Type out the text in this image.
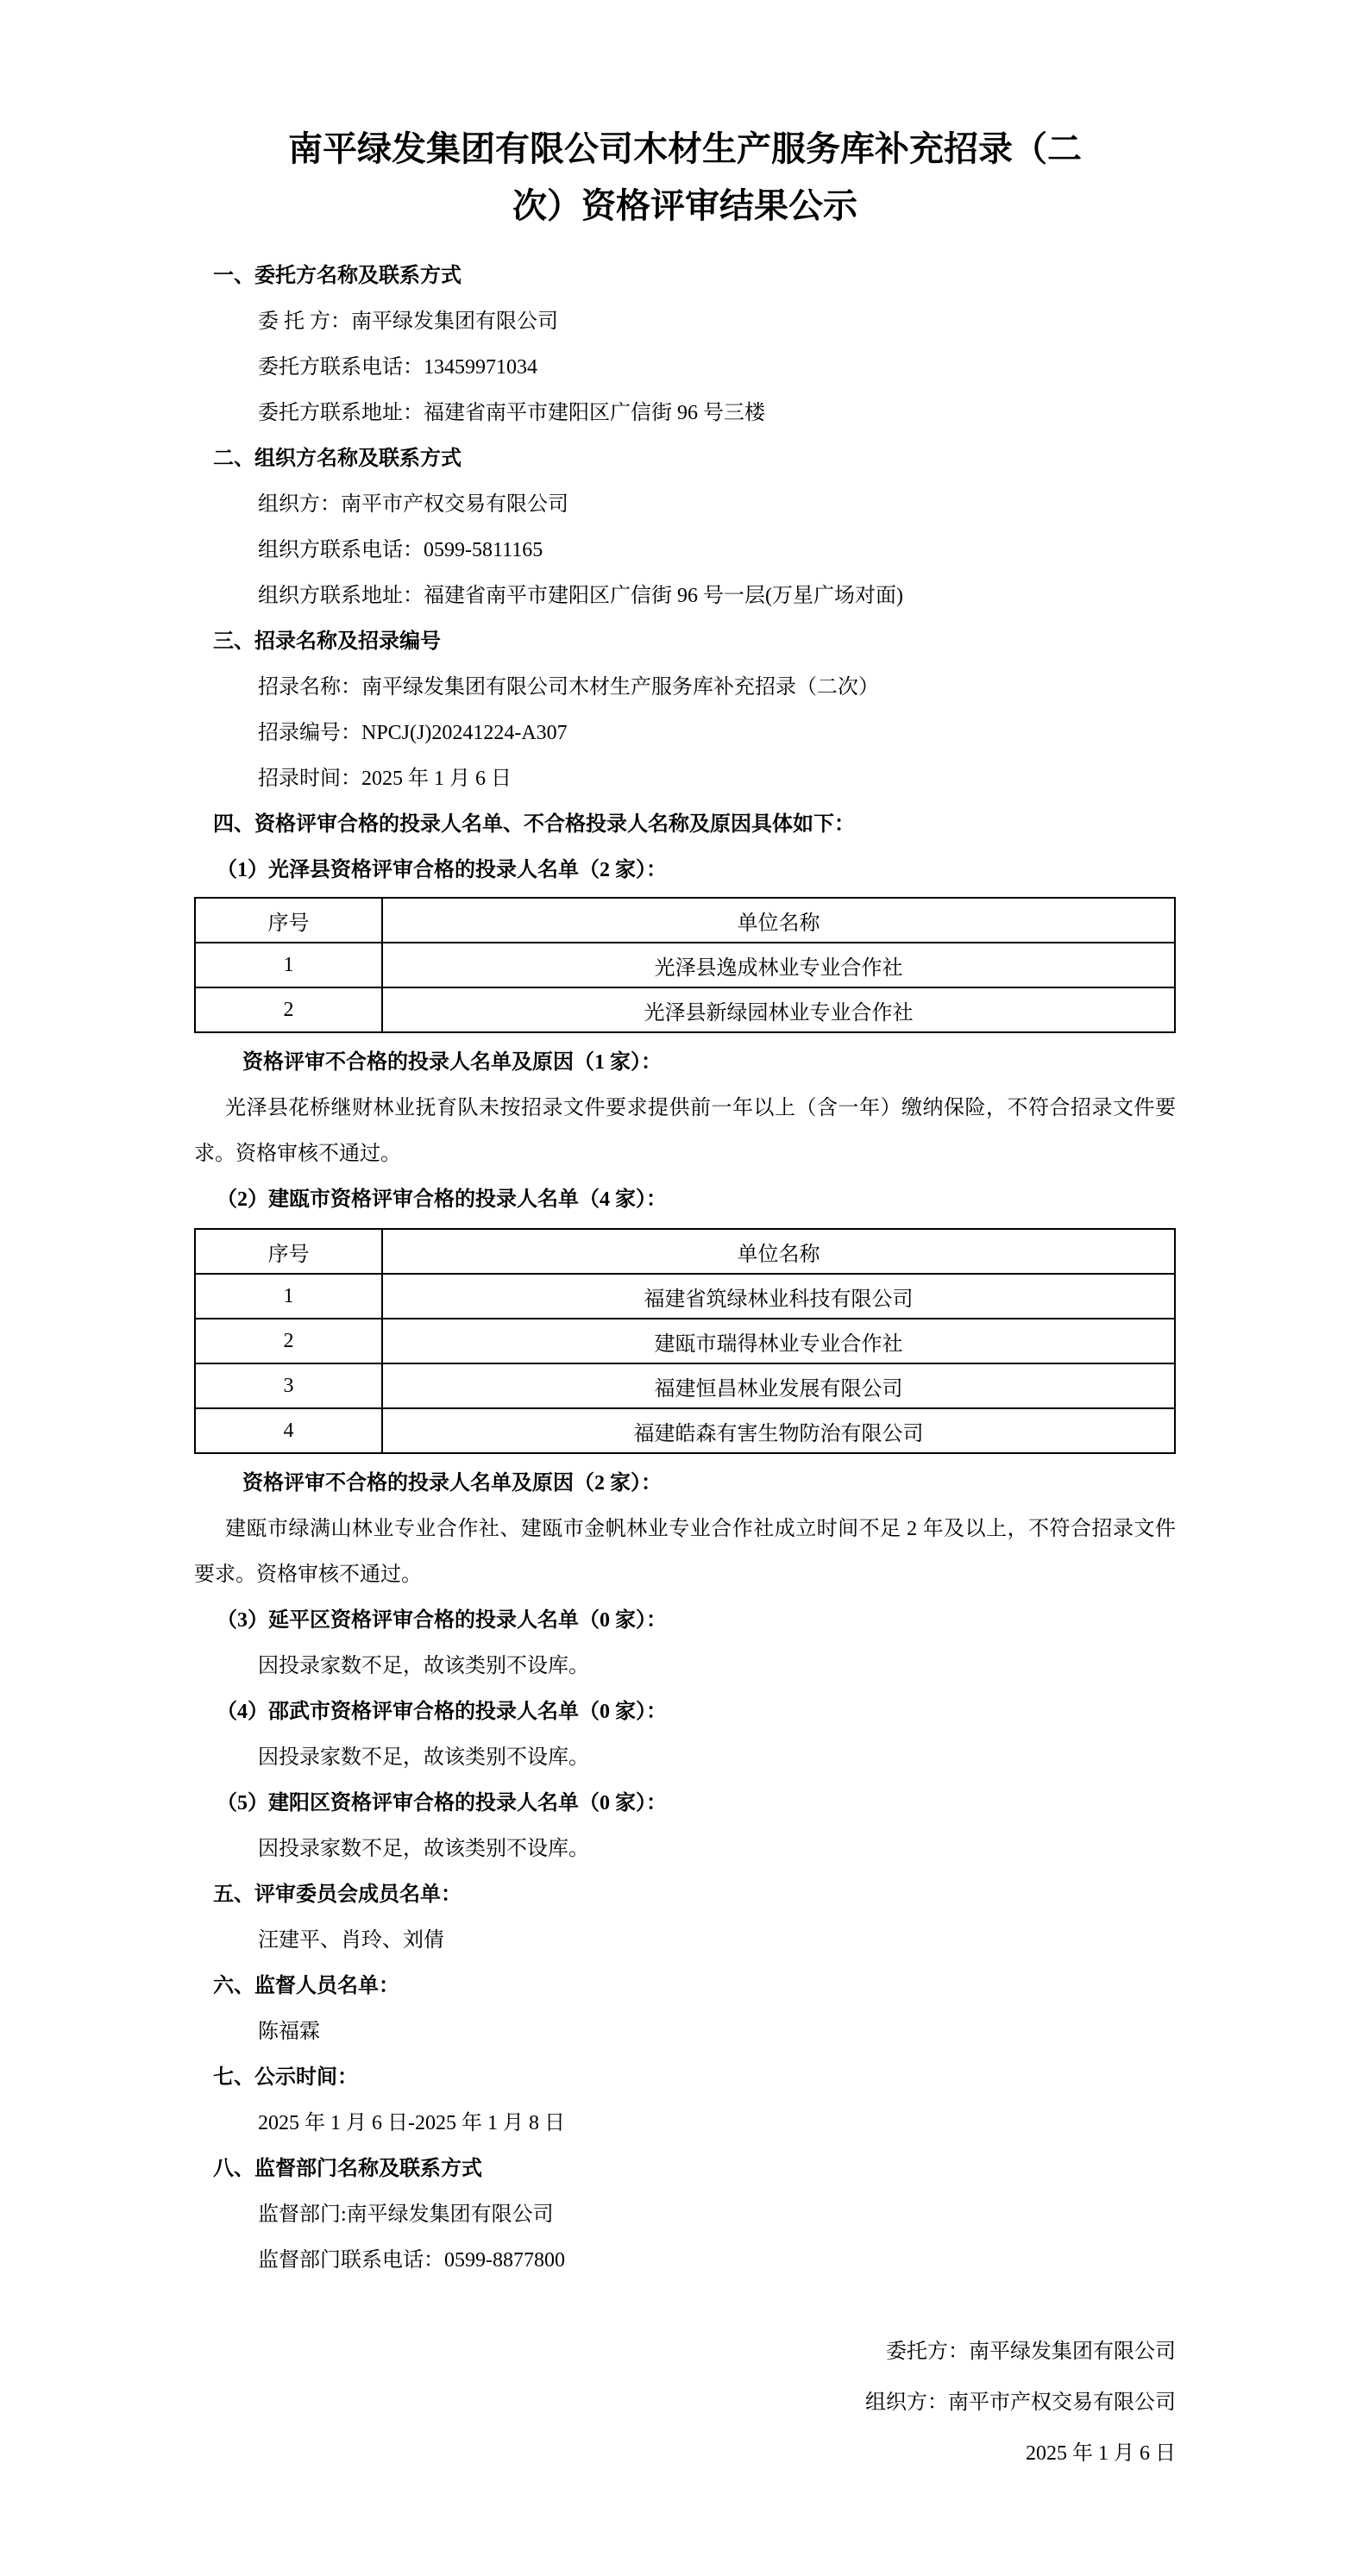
南平绿发集团有限公司木材生产服务库补充招录（二
次）资格评审结果公示
一、委托方名称及联系方式
委 托 方：南平绿发集团有限公司
委托方联系电话：13459971034
委托方联系地址：福建省南平市建阳区广信街 96 号三楼
二、组织方名称及联系方式
组织方：南平市产权交易有限公司
组织方联系电话：0599-5811165
组织方联系地址：福建省南平市建阳区广信街 96 号一层(万星广场对面)
三、招录名称及招录编号
招录名称：南平绿发集团有限公司木材生产服务库补充招录（二次）
招录编号：NPCJ(J)20241224-A307
招录时间：2025 年 1 月 6 日
四、资格评审合格的投录人名单、不合格投录人名称及原因具体如下：
（1）光泽县资格评审合格的投录人名单（2 家）：
序号	单位名称
1	光泽县逸成林业专业合作社
2	光泽县新绿园林业专业合作社
资格评审不合格的投录人名单及原因（1 家）：
光泽县花桥继财林业抚育队未按招录文件要求提供前一年以上（含一年）缴纳保险，不符合招录文件要求。资格审核不通过。
（2）建瓯市资格评审合格的投录人名单（4 家）：
序号	单位名称
1	福建省筑绿林业科技有限公司
2	建瓯市瑞得林业专业合作社
3	福建恒昌林业发展有限公司
4	福建皓森有害生物防治有限公司
资格评审不合格的投录人名单及原因（2 家）：
建瓯市绿满山林业专业合作社、建瓯市金帆林业专业合作社成立时间不足 2 年及以上，不符合招录文件要求。资格审核不通过。
（3）延平区资格评审合格的投录人名单（0 家）：
因投录家数不足，故该类别不设库。
（4）邵武市资格评审合格的投录人名单（0 家）：
因投录家数不足，故该类别不设库。
（5）建阳区资格评审合格的投录人名单（0 家）：
因投录家数不足，故该类别不设库。
五、评审委员会成员名单：
汪建平、肖玲、刘倩
六、监督人员名单：
陈福霖
七、公示时间：
2025 年 1 月 6 日-2025 年 1 月 8 日
八、监督部门名称及联系方式
监督部门:南平绿发集团有限公司
监督部门联系电话：0599-8877800
委托方：南平绿发集团有限公司
组织方：南平市产权交易有限公司
2025 年 1 月 6 日
